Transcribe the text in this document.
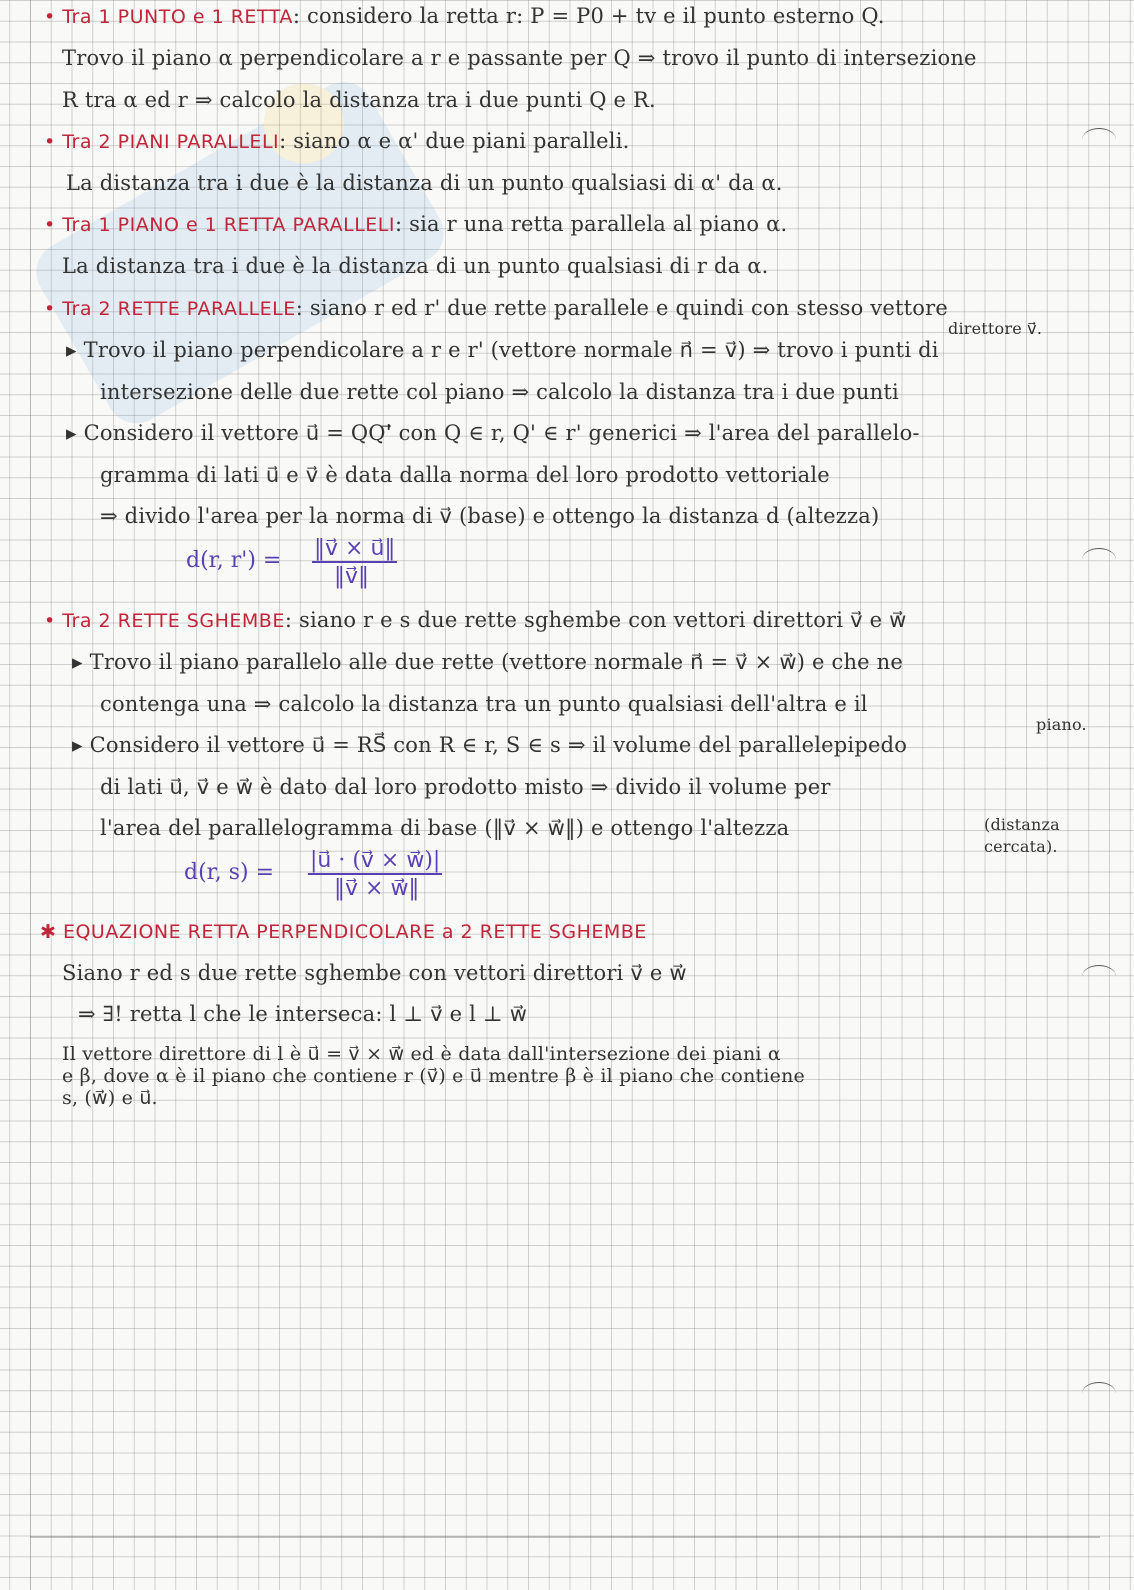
• Tra 1 PUNTO e 1 RETTA: considero la retta r: P = P0 + tv e il punto esterno Q.
Trovo il piano α perpendicolare a r e passante per Q ⇒ trovo il punto di intersezione
R tra α ed r ⇒ calcolo la distanza tra i due punti Q e R.
• Tra 2 PIANI PARALLELI: siano α e α' due piani paralleli.
La distanza tra i due è la distanza di un punto qualsiasi di α' da α.
• Tra 1 PIANO e 1 RETTA PARALLELI: sia r una retta parallela al piano α.
La distanza tra i due è la distanza di un punto qualsiasi di r da α.
• Tra 2 RETTE PARALLELE: siano r ed r' due rette parallele e quindi con stesso vettore
direttore v⃗.
▸ Trovo il piano perpendicolare a r e r' (vettore normale n⃗ = v⃗) ⇒ trovo i punti di
intersezione delle due rette col piano ⇒ calcolo la distanza tra i due punti
▸ Considero il vettore u⃗ = QQ'⃗ con Q ∈ r, Q' ∈ r' generici ⇒ l'area del parallelo-
gramma di lati u⃗ e v⃗ è data dalla norma del loro prodotto vettoriale
⇒ divido l'area per la norma di v⃗ (base) e ottengo la distanza d (altezza)
d(r, r') = ‖v⃗ × u⃗‖
‖v⃗‖
• Tra 2 RETTE SGHEMBE: siano r e s due rette sghembe con vettori direttori v⃗ e w⃗
▸ Trovo il piano parallelo alle due rette (vettore normale n⃗ = v⃗ × w⃗) e che ne
contenga una ⇒ calcolo la distanza tra un punto qualsiasi dell'altra e il
piano.
▸ Considero il vettore u⃗ = RS⃗ con R ∈ r, S ∈ s ⇒ il volume del parallelepipedo
di lati u⃗, v⃗ e w⃗ è dato dal loro prodotto misto ⇒ divido il volume per
l'area del parallelogramma di base (‖v⃗ × w⃗‖) e ottengo l'altezza	(distanza
cercata).
d(r, s) = |u⃗ · (v⃗ × w⃗)|
‖v⃗ × w⃗‖
✱ EQUAZIONE RETTA PERPENDICOLARE a 2 RETTE SGHEMBE
Siano r ed s due rette sghembe con vettori direttori v⃗ e w⃗
⇒ ∃! retta l che le interseca: l ⊥ v⃗ e l ⊥ w⃗
Il vettore direttore di l è u⃗ = v⃗ × w⃗ ed è data dall'intersezione dei piani α
e β, dove α è il piano che contiene r (v⃗) e u⃗ mentre β è il piano che contiene
s, (w⃗) e u⃗.
